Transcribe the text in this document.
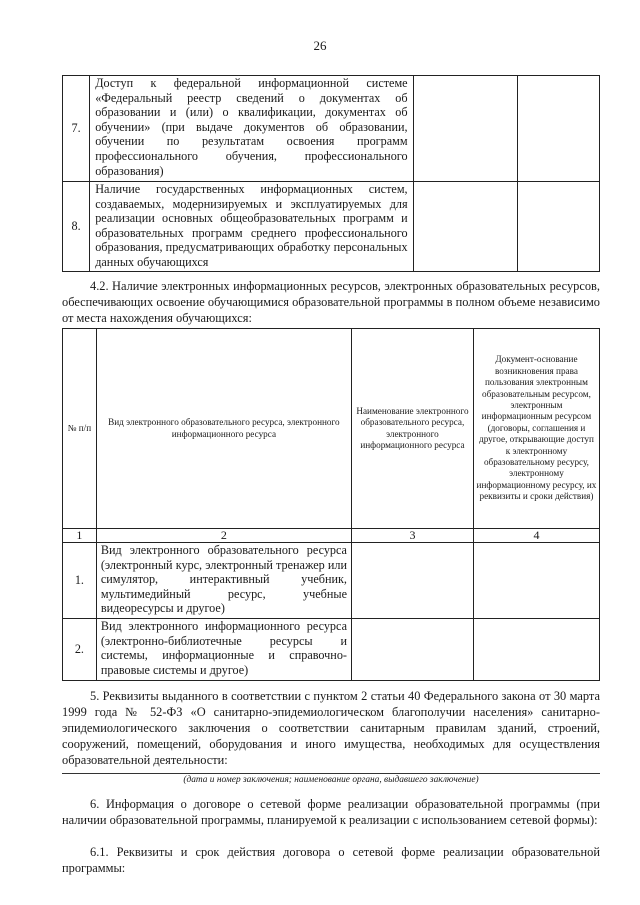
26
7.	Доступ к федеральной информационной системе «Федеральный реестр сведений о документах об образовании и (или) о квалификации, документах об обучении» (при выдаче документов об образовании, обучении по результатам освоения программ профессионального обучения, профессионального образования)		
8.	Наличие государственных информационных систем, создаваемых, модернизируемых и эксплуатируемых для реализации основных общеобразовательных программ и образовательных программ среднего профессионального образования, предусматривающих обработку персональных данных обучающихся		
4.2. Наличие электронных информационных ресурсов, электронных образовательных ресурсов, обеспечивающих освоение обучающимися образовательной программы в полном объеме независимо от места нахождения обучающихся:
№ п/п	Вид электронного образовательного ресурса, электронного информационного ресурса	Наименование электронного образовательного ресурса, электронного информационного ресурса	Документ-основание возникновения права пользования электронным образовательным ресурсом, электронным информационным ресурсом (договоры, соглашения и другое, открывающие доступ к электронному образовательному ресурсу, электронному информационному ресурсу, их реквизиты и сроки действия)
1	2	3	4
1.	Вид электронного образовательного ресурса (электронный курс, электронный тренажер или симулятор, интерактивный учебник, мультимедийный ресурс, учебные видеоресурсы и другое)		
2.	Вид электронного информационного ресурса (электронно-библиотечные ресурсы и системы, информационные и справочно-правовые системы и другое)		
5. Реквизиты выданного в соответствии с пунктом 2 статьи 40 Федерального закона от 30 марта 1999 года № 52-ФЗ «О санитарно-эпидемиологическом благополучии населения» санитарно-эпидемиологического заключения о соответствии санитарным правилам зданий, строений, сооружений, помещений, оборудования и иного имущества, необходимых для осуществления образовательной деятельности:
(дата и номер заключения; наименование органа, выдавшего заключение)
6. Информация о договоре о сетевой форме реализации образовательной программы (при наличии образовательной программы, планируемой к реализации с использованием сетевой формы):
6.1. Реквизиты и срок действия договора о сетевой форме реализации образовательной программы:
